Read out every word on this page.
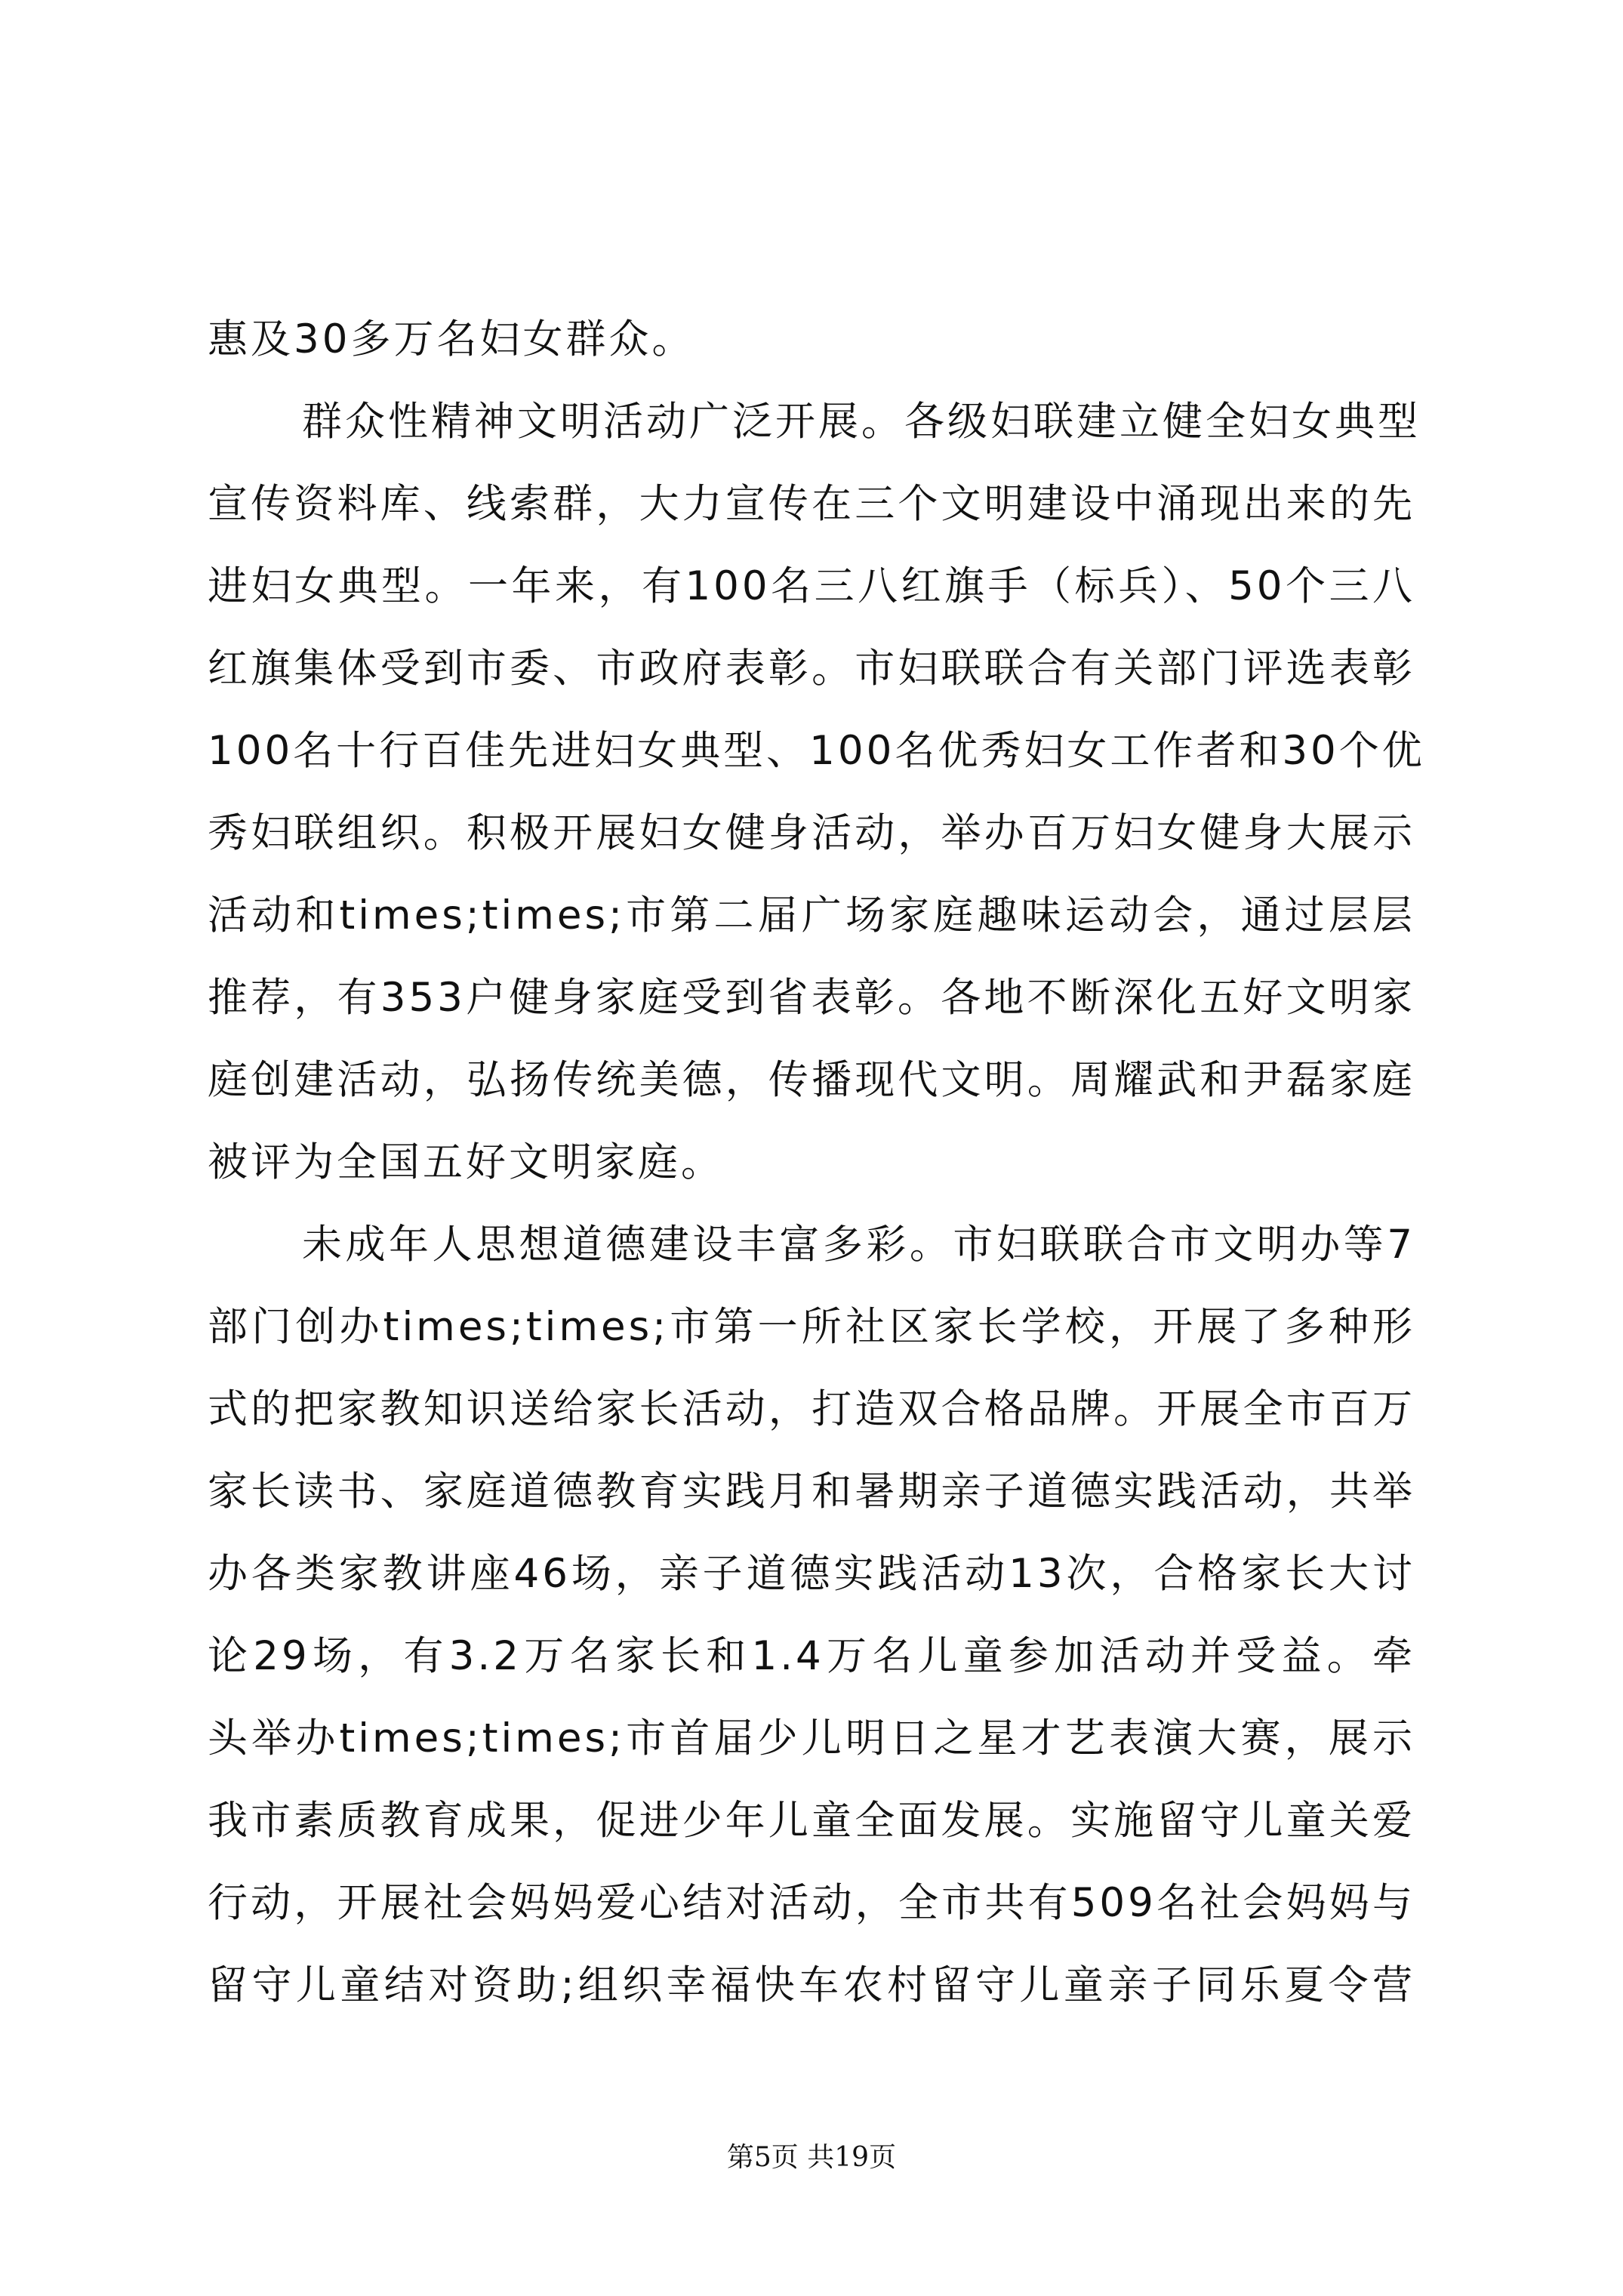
惠及30多万名妇女群众。
群众性精神文明活动广泛开展。各级妇联建立健全妇女典型
宣传资料库、线索群，大力宣传在三个文明建设中涌现出来的先
进妇女典型。一年来，有100名三八红旗手（标兵）、50个三八
红旗集体受到市委、市政府表彰。市妇联联合有关部门评选表彰
100名十行百佳先进妇女典型、100名优秀妇女工作者和30个优
秀妇联组织。积极开展妇女健身活动，举办百万妇女健身大展示
活动和times;times;市第二届广场家庭趣味运动会，通过层层
推荐，有353户健身家庭受到省表彰。各地不断深化五好文明家
庭创建活动，弘扬传统美德，传播现代文明。周耀武和尹磊家庭
被评为全国五好文明家庭。
未成年人思想道德建设丰富多彩。市妇联联合市文明办等7
部门创办times;times;市第一所社区家长学校，开展了多种形
式的把家教知识送给家长活动，打造双合格品牌。开展全市百万
家长读书、家庭道德教育实践月和暑期亲子道德实践活动，共举
办各类家教讲座46场，亲子道德实践活动13次，合格家长大讨
论29场，有3.2万名家长和1.4万名儿童参加活动并受益。牵
头举办times;times;市首届少儿明日之星才艺表演大赛，展示
我市素质教育成果，促进少年儿童全面发展。实施留守儿童关爱
行动，开展社会妈妈爱心结对活动，全市共有509名社会妈妈与
留守儿童结对资助;组织幸福快车农村留守儿童亲子同乐夏令营
第5页 共19页
